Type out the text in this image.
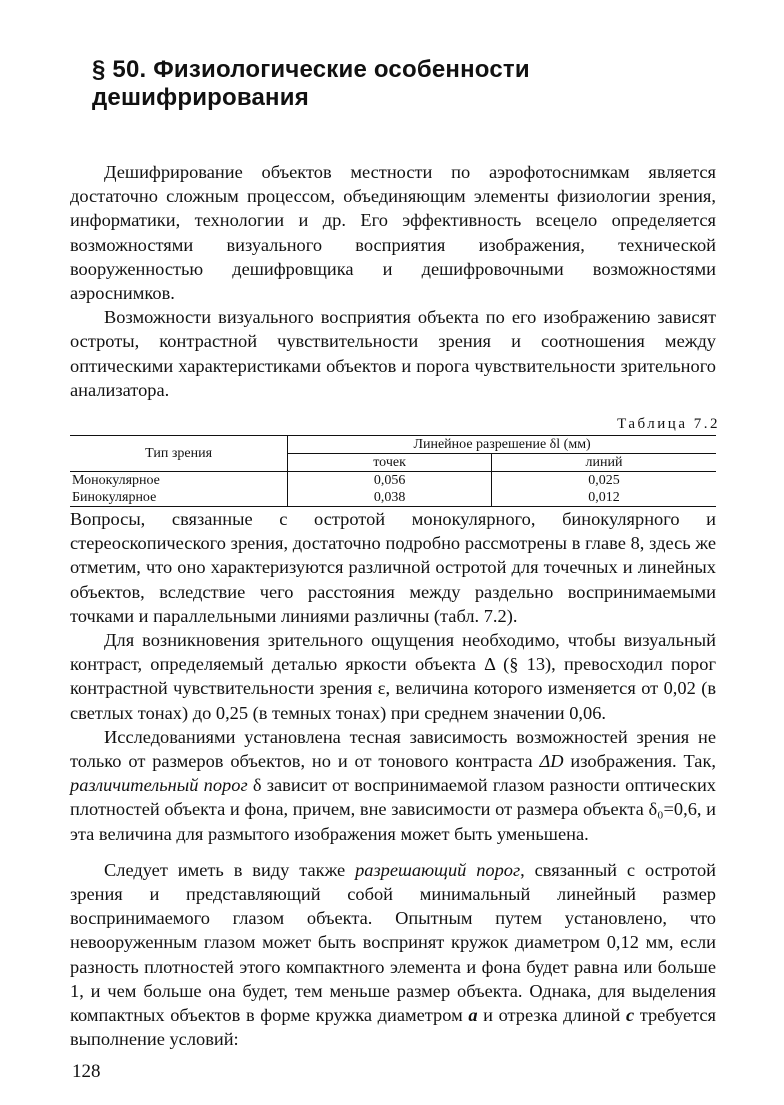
§ 50. Физиологические особенности
дешифрирования

Дешифрирование объектов местности по аэрофотоснимкам является достаточно сложным процессом, объединяющим элементы физиологии зрения, информатики, технологии и др. Его эффективность всецело определяется возможностями визуального восприятия изображения, технической вооруженностью дешифровщика и дешифровочными возможностями аэроснимков.

Возможности визуального восприятия объекта по его изображению зависят остроты, контрастной чувствительности зрения и соотношения между оптическими характеристиками объектов и порога чувствительности зрительного анализатора.

Таблица 7.2

Тип зрения	Линейное разрешение δl (мм)	
	точек	линий
Монокулярное	0,056	0,025
Бинокулярное	0,038	0,012
Вопросы, связанные с остротой монокулярного, бинокулярного и стереоскопического зрения, достаточно подробно рассмотрены в главе 8, здесь же отметим, что оно характеризуются различной остротой для точечных и линейных объектов, вследствие чего расстояния между раздельно воспринимаемыми точками и параллельными линиями различны (табл. 7.2).

Для возникновения зрительного ощущения необходимо, чтобы визуальный контраст, определяемый деталью яркости объекта Δ (§ 13), превосходил порог контрастной чувствительности зрения ε, величина которого изменяется от 0,02 (в светлых тонах) до 0,25 (в темных тонах) при среднем значении 0,06.

Исследованиями установлена тесная зависимость возможностей зрения не только от размеров объектов, но и от тонового контраста ΔD изображения. Так, различительный порог δ зависит от воспринимаемой глазом разности оптических плотностей объекта и фона, причем, вне зависимости от размера объекта δ₀=0,6, и эта величина для размытого изображения может быть уменьшена.

Следует иметь в виду также разрешающий порог, связанный с остротой зрения и представляющий собой минимальный линейный размер воспринимаемого глазом объекта. Опытным путем установлено, что невооруженным глазом может быть воспринят кружок диаметром 0,12 мм, если разность плотностей этого компактного элемента и фона будет равна или больше 1, и чем больше она будет, тем меньше размер объекта. Однака, для выделения компактных объектов в форме кружка диаметром a и отрезка длиной c требуется выполнение условий:

128
